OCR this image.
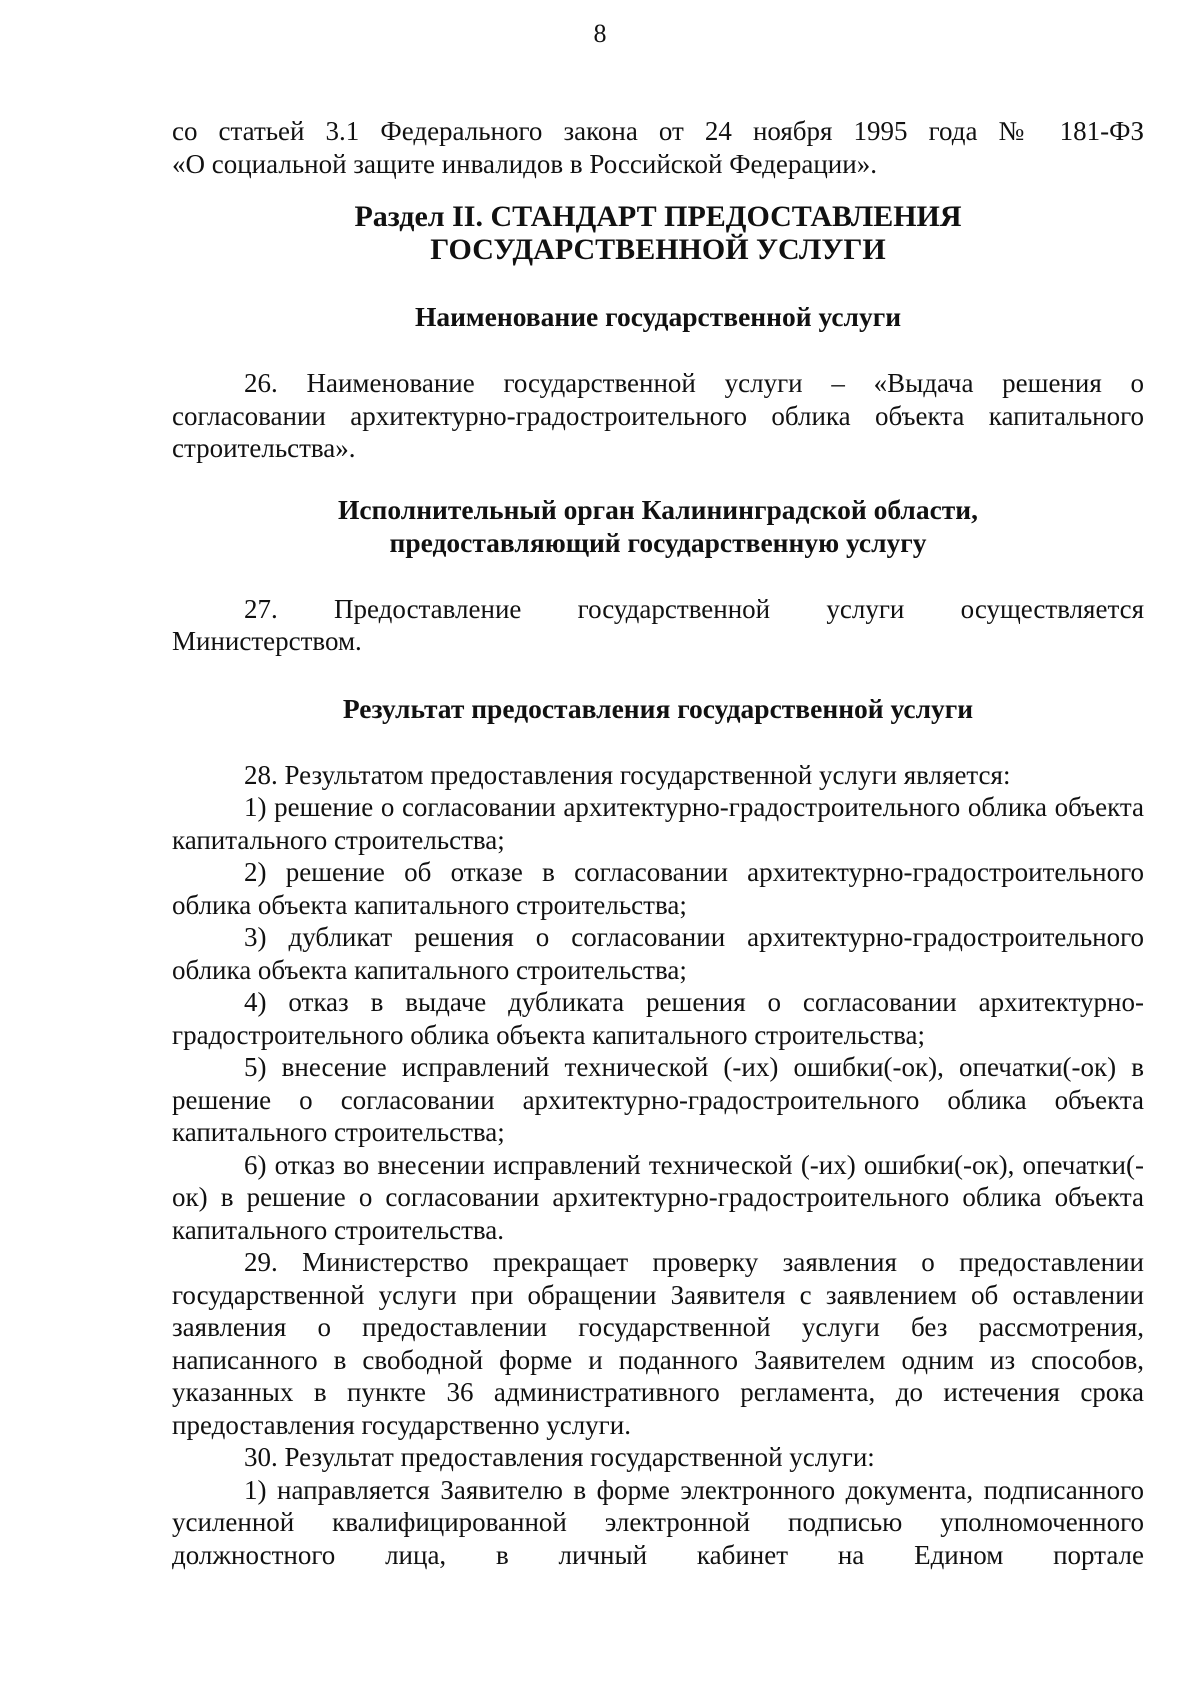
8

со статьей 3.1 Федерального закона от 24 ноября 1995 года № 181-ФЗ

«О социальной защите инвалидов в Российской Федерации».

Раздел II. СТАНДАРТ ПРЕДОСТАВЛЕНИЯ
ГОСУДАРСТВЕННОЙ УСЛУГИ
Наименование государственной услуги

26. Наименование государственной услуги – «Выдача решения о согласовании архитектурно-градостроительного облика объекта капитального строительства».

Исполнительный орган Калининградской области,
предоставляющий государственную услугу

27. Предоставление государственной услуги осуществляется

Министерством.

Результат предоставления государственной услуги

28. Результатом предоставления государственной услуги является:

1) решение о согласовании архитектурно-градостроительного облика объекта капитального строительства;

2) решение об отказе в согласовании архитектурно-градостроительного облика объекта капитального строительства;

3) дубликат решения о согласовании архитектурно-градостроительного облика объекта капитального строительства;

4) отказ в выдаче дубликата решения о согласовании архитектурно-градостроительного облика объекта капитального строительства;

5) внесение исправлений технической (-их) ошибки(-ок), опечатки(-ок) в решение о согласовании архитектурно-градостроительного облика объекта капитального строительства;

6) отказ во внесении исправлений технической (-их) ошибки(-ок), опечатки(-ок) в решение о согласовании архитектурно-градостроительного облика объекта капитального строительства.

29. Министерство прекращает проверку заявления о предоставлении государственной услуги при обращении Заявителя с заявлением об оставлении заявления о предоставлении государственной услуги без рассмотрения, написанного в свободной форме и поданного Заявителем одним из способов, указанных в пункте 36 административного регламента, до истечения срока предоставления государственно услуги.

30. Результат предоставления государственной услуги:

1) направляется Заявителю в форме электронного документа, подписанного усиленной квалифицированной электронной подписью уполномоченного должностного лица, в личный кабинет на Едином портале
